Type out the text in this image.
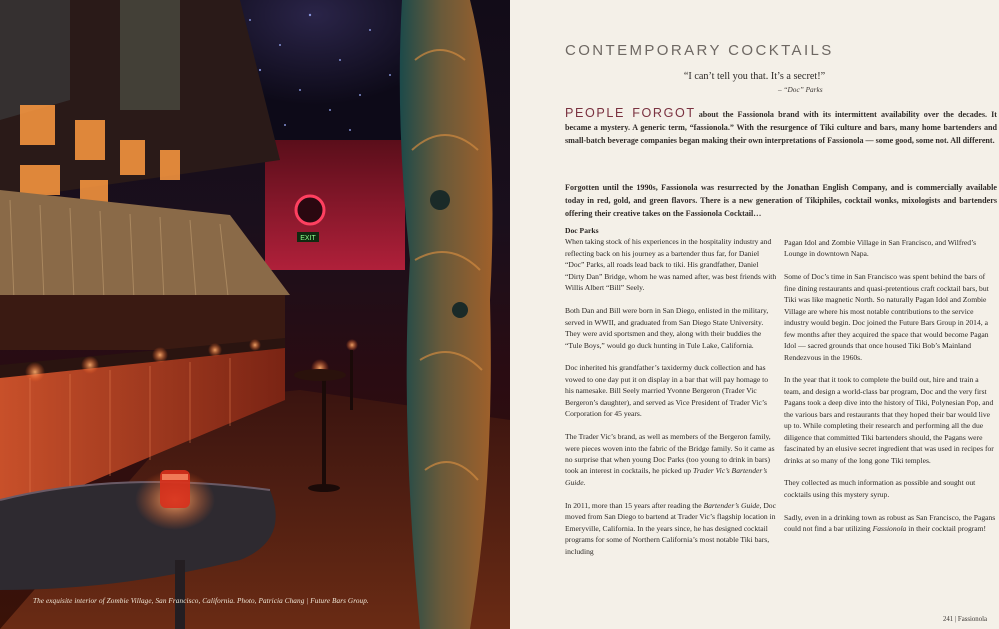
EXIT
The exquisite interior of Zombie Village, San Francisco, California. Photo, Patricia Chang | Future Bars Group.
CONTEMPORARY COCKTAILS
“I can’t tell you that. It’s a secret!”
– “Doc” Parks
PEOPLE FORGOT about the Fassionola brand with its intermittent availability over the decades. It became a mystery. A generic term, “fassionola.” With the resurgence of Tiki culture and bars, many home bartenders and small-batch beverage companies began making their own interpretations of Fassionola — some good, some not. All different.
Forgotten until the 1990s, Fassionola was resurrected by the Jonathan English Company, and is commercially available today in red, gold, and green flavors. There is a new generation of Tikiphiles, cocktail wonks, mixologists and bartenders offering their creative takes on the Fassionola Cocktail…

Doc Parks

When taking stock of his experiences in the hospitality industry and reflecting back on his journey as a bartender thus far, for Daniel “Doc” Parks, all roads lead back to tiki. His grandfather, Daniel “Dirty Dan” Bridge, whom he was named after, was best friends with Willis Albert “Bill” Seely.

Both Dan and Bill were born in San Diego, enlisted in the military, served in WWII, and graduated from San Diego State University. They were avid sportsmen and they, along with their buddies the “Tule Boys,” would go duck hunting in Tule Lake, California.

Doc inherited his grandfather’s taxidermy duck collection and has vowed to one day put it on display in a bar that will pay homage to his namesake. Bill Seely married Yvonne Bergeron (Trader Vic Bergeron’s daughter), and served as Vice President of Trader Vic’s Corporation for 45 years.

The Trader Vic’s brand, as well as members of the Bergeron family, were pieces woven into the fabric of the Bridge family. So it came as no surprise that when young Doc Parks (too young to drink in bars) took an interest in cocktails, he picked up Trader Vic’s Bartender’s Guide.

In 2011, more than 15 years after reading the Bartender’s Guide, Doc moved from San Diego to bartend at Trader Vic’s flagship location in Emeryville, California. In the years since, he has designed cocktail programs for some of Northern California’s most notable Tiki bars, including

Pagan Idol and Zombie Village in San Francisco, and Wilfred’s Lounge in downtown Napa.

Some of Doc’s time in San Francisco was spent behind the bars of fine dining restaurants and quasi-pretentious craft cocktail bars, but Tiki was like magnetic North. So naturally Pagan Idol and Zombie Village are where his most notable contributions to the service industry would begin. Doc joined the Future Bars Group in 2014, a few months after they acquired the space that would become Pagan Idol — sacred grounds that once housed Tiki Bob’s Mainland Rendezvous in the 1960s.

In the year that it took to complete the build out, hire and train a team, and design a world-class bar program, Doc and the very first Pagans took a deep dive into the history of Tiki, Polynesian Pop, and the various bars and restaurants that they hoped their bar would live up to. While completing their research and performing all the due diligence that committed Tiki bartenders should, the Pagans were fascinated by an elusive secret ingredient that was used in recipes for drinks at so many of the long gone Tiki temples.

They collected as much information as possible and sought out cocktails using this mystery syrup.

Sadly, even in a drinking town as robust as San Francisco, the Pagans could not find a bar utilizing Fassionola in their cocktail program!

241 | Fassionola
